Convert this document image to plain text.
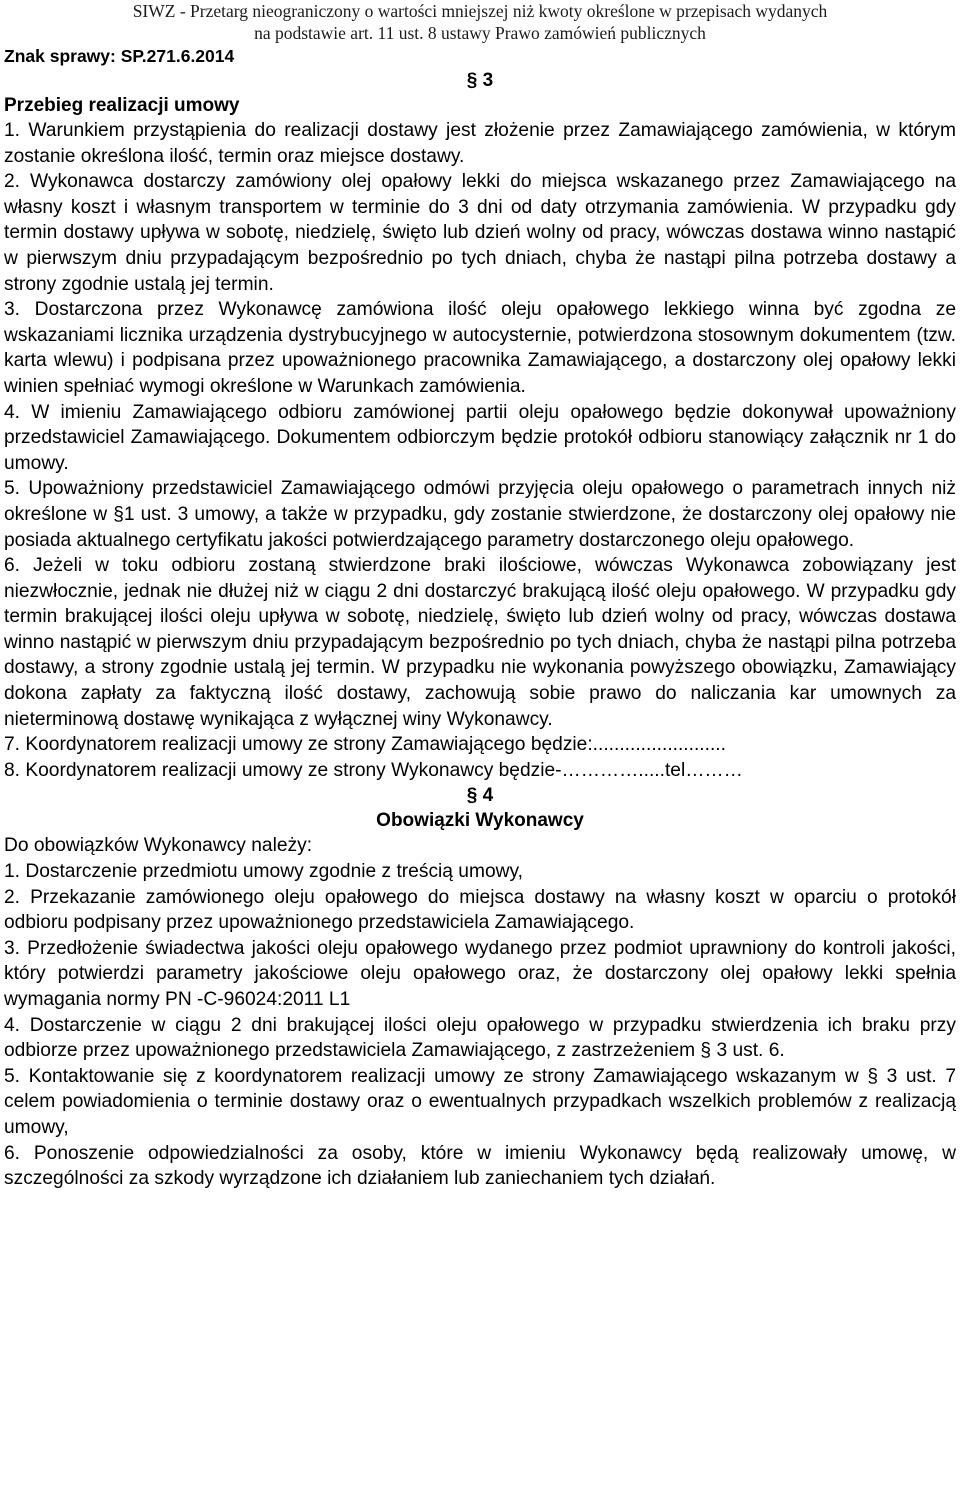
SIWZ - Przetarg nieograniczony o wartości mniejszej niż kwoty określone w przepisach wydanych
na podstawie art. 11 ust. 8 ustawy Prawo zamówień publicznych
Znak sprawy: SP.271.6.2014
§ 3
Przebieg realizacji umowy

1. Warunkiem przystąpienia do realizacji dostawy jest złożenie przez Zamawiającego zamówienia, w którym zostanie określona ilość, termin oraz miejsce dostawy.

2. Wykonawca dostarczy zamówiony olej opałowy lekki do miejsca wskazanego przez Zamawiającego na własny koszt i własnym transportem w terminie do 3 dni od daty otrzymania zamówienia. W przypadku gdy termin dostawy upływa w sobotę, niedzielę, święto lub dzień wolny od pracy, wówczas dostawa winno nastąpić w pierwszym dniu przypadającym bezpośrednio po tych dniach, chyba że nastąpi pilna potrzeba dostawy a strony zgodnie ustalą jej termin.

3. Dostarczona przez Wykonawcę zamówiona ilość oleju opałowego lekkiego winna być zgodna ze wskazaniami licznika urządzenia dystrybucyjnego w autocysternie, potwierdzona stosownym dokumentem (tzw. karta wlewu) i podpisana przez upoważnionego pracownika Zamawiającego, a dostarczony olej opałowy lekki winien spełniać wymogi określone w Warunkach zamówienia.

4. W imieniu Zamawiającego odbioru zamówionej partii oleju opałowego będzie dokonywał upoważniony przedstawiciel Zamawiającego. Dokumentem odbiorczym będzie protokół odbioru stanowiący załącznik nr 1 do umowy.

5. Upoważniony przedstawiciel Zamawiającego odmówi przyjęcia oleju opałowego o parametrach innych niż określone w §1 ust. 3 umowy, a także w przypadku, gdy zostanie stwierdzone, że dostarczony olej opałowy nie posiada aktualnego certyfikatu jakości potwierdzającego parametry dostarczonego oleju opałowego.

6. Jeżeli w toku odbioru zostaną stwierdzone braki ilościowe, wówczas Wykonawca zobowiązany jest niezwłocznie, jednak nie dłużej niż w ciągu 2 dni dostarczyć brakującą ilość oleju opałowego. W przypadku gdy termin brakującej ilości oleju upływa w sobotę, niedzielę, święto lub dzień wolny od pracy, wówczas dostawa winno nastąpić w pierwszym dniu przypadającym bezpośrednio po tych dniach, chyba że nastąpi pilna potrzeba dostawy, a strony zgodnie ustalą jej termin. W przypadku nie wykonania powyższego obowiązku, Zamawiający dokona zapłaty za faktyczną ilość dostawy, zachowują sobie prawo do naliczania kar umownych za nieterminową dostawę wynikająca z wyłącznej winy Wykonawcy.

7. Koordynatorem realizacji umowy ze strony Zamawiającego będzie:.........................

8. Koordynatorem realizacji umowy ze strony Wykonawcy będzie-………….....tel………

§ 4
Obowiązki Wykonawcy

Do obowiązków Wykonawcy należy:

1. Dostarczenie przedmiotu umowy zgodnie z treścią umowy,

2. Przekazanie zamówionego oleju opałowego do miejsca dostawy na własny koszt w oparciu o protokół odbioru podpisany przez upoważnionego przedstawiciela Zamawiającego.

3. Przedłożenie świadectwa jakości oleju opałowego wydanego przez podmiot uprawniony do kontroli jakości, który potwierdzi parametry jakościowe oleju opałowego oraz, że dostarczony olej opałowy lekki spełnia wymagania normy PN -C-96024:2011 L1

4. Dostarczenie w ciągu 2 dni brakującej ilości oleju opałowego w przypadku stwierdzenia ich braku przy odbiorze przez upoważnionego przedstawiciela Zamawiającego, z zastrzeżeniem § 3 ust. 6.

5. Kontaktowanie się z koordynatorem realizacji umowy ze strony Zamawiającego wskazanym w § 3 ust. 7 celem powiadomienia o terminie dostawy oraz o ewentualnych przypadkach wszelkich problemów z realizacją umowy,

6. Ponoszenie odpowiedzialności za osoby, które w imieniu Wykonawcy będą realizowały umowę, w szczególności za szkody wyrządzone ich działaniem lub zaniechaniem tych działań.
